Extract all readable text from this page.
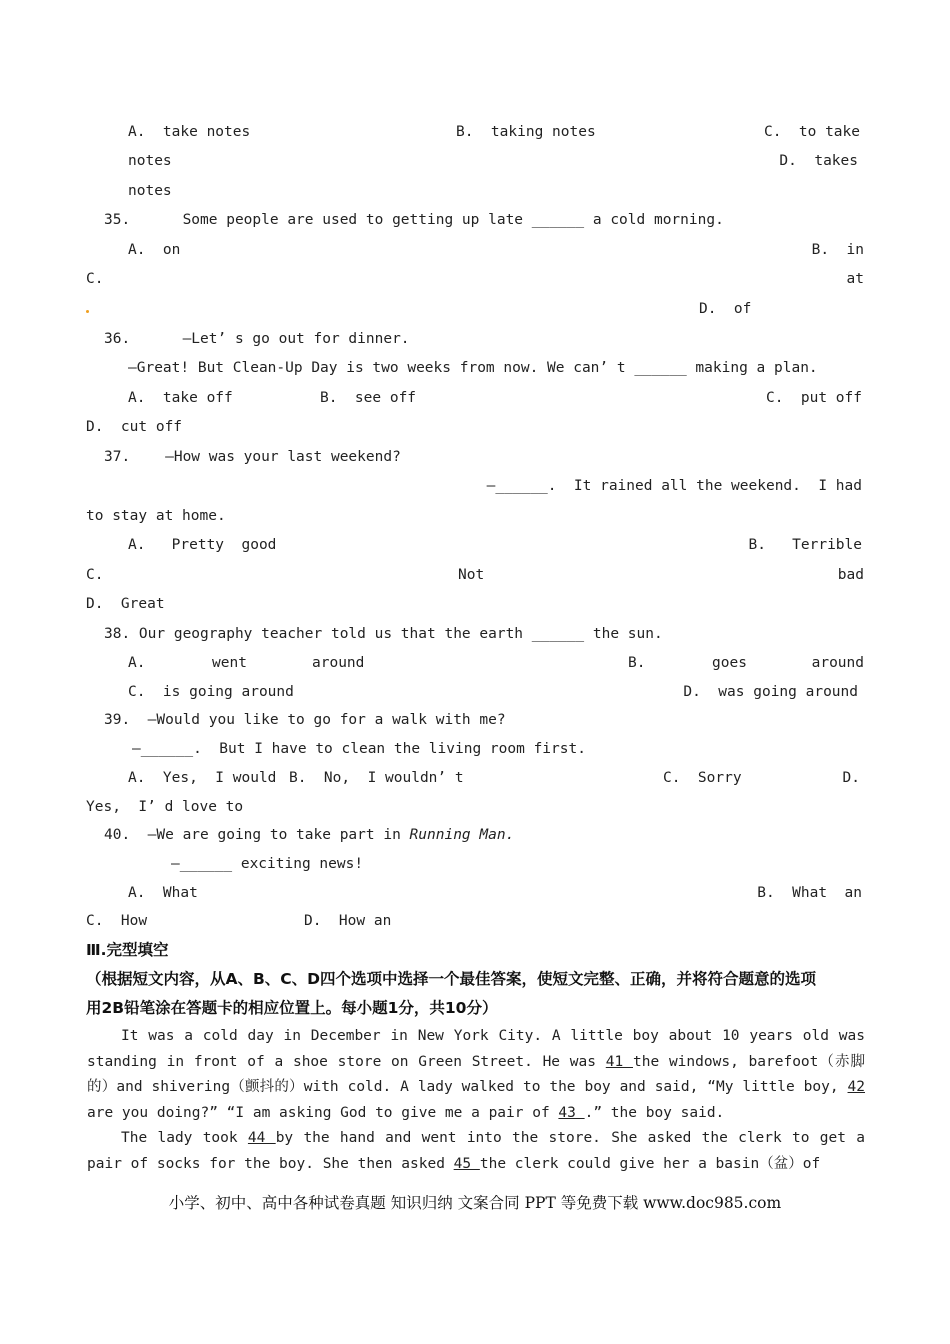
A.  take notes	B.  taking notes	C.  to take
notes	D.  takes
notes
35.      Some people are used to getting up late ______ a cold morning.
A.  on	B.  in
C.	at
D.  of
36.      —Let’ s go out for dinner.
—Great! But Clean-Up Day is two weeks from now. We can’ t ______ making a plan.
A.  take off	B.  see off	C.  put off
D.  cut off
37.    —How was your last weekend?
—______.  It rained all the weekend.  I had
to stay at home.
A.   Pretty  good	B.   Terrible
C.	Not	bad
D.  Great
38. Our geography teacher told us that the earth ______ the sun.
A.	went	around	B.	goes	around
C.  is going around	D.  was going around
39.  —Would you like to go for a walk with me?
—______.  But I have to clean the living room first.
A.  Yes,  I would B.  No,  I wouldn’ t	C.  Sorry	D.
Yes,  I’ d love to
40.  —We are going to take part in Running Man.
—______ exciting news!
A.  What	B.  What  an
C.  How	D.  How an
Ⅲ.完型填空
（根据短文内容，从A、B、C、D四个选项中选择一个最佳答案，使短文完整、正确，并将符合题意的选项
用2B铅笔涂在答题卡的相应位置上。每小题1分，共10分）
It was a cold day in December in New York City. A little boy about 10 years old was standing in front of a shoe store on Green Street. He was 41 the windows, barefoot（赤脚的）and shivering（颤抖的）with cold. A lady walked to the boy and said, “My little boy, 42 are you doing?” “I am asking God to give me a pair of 43 .” the boy said.
The lady took 44 by the hand and went into the store. She asked the clerk to get a pair of socks for the boy. She then asked 45 the clerk could give her a basin（盆）of
小学、初中、高中各种试卷真题 知识归纳 文案合同 PPT 等免费下载 www.doc985.com
